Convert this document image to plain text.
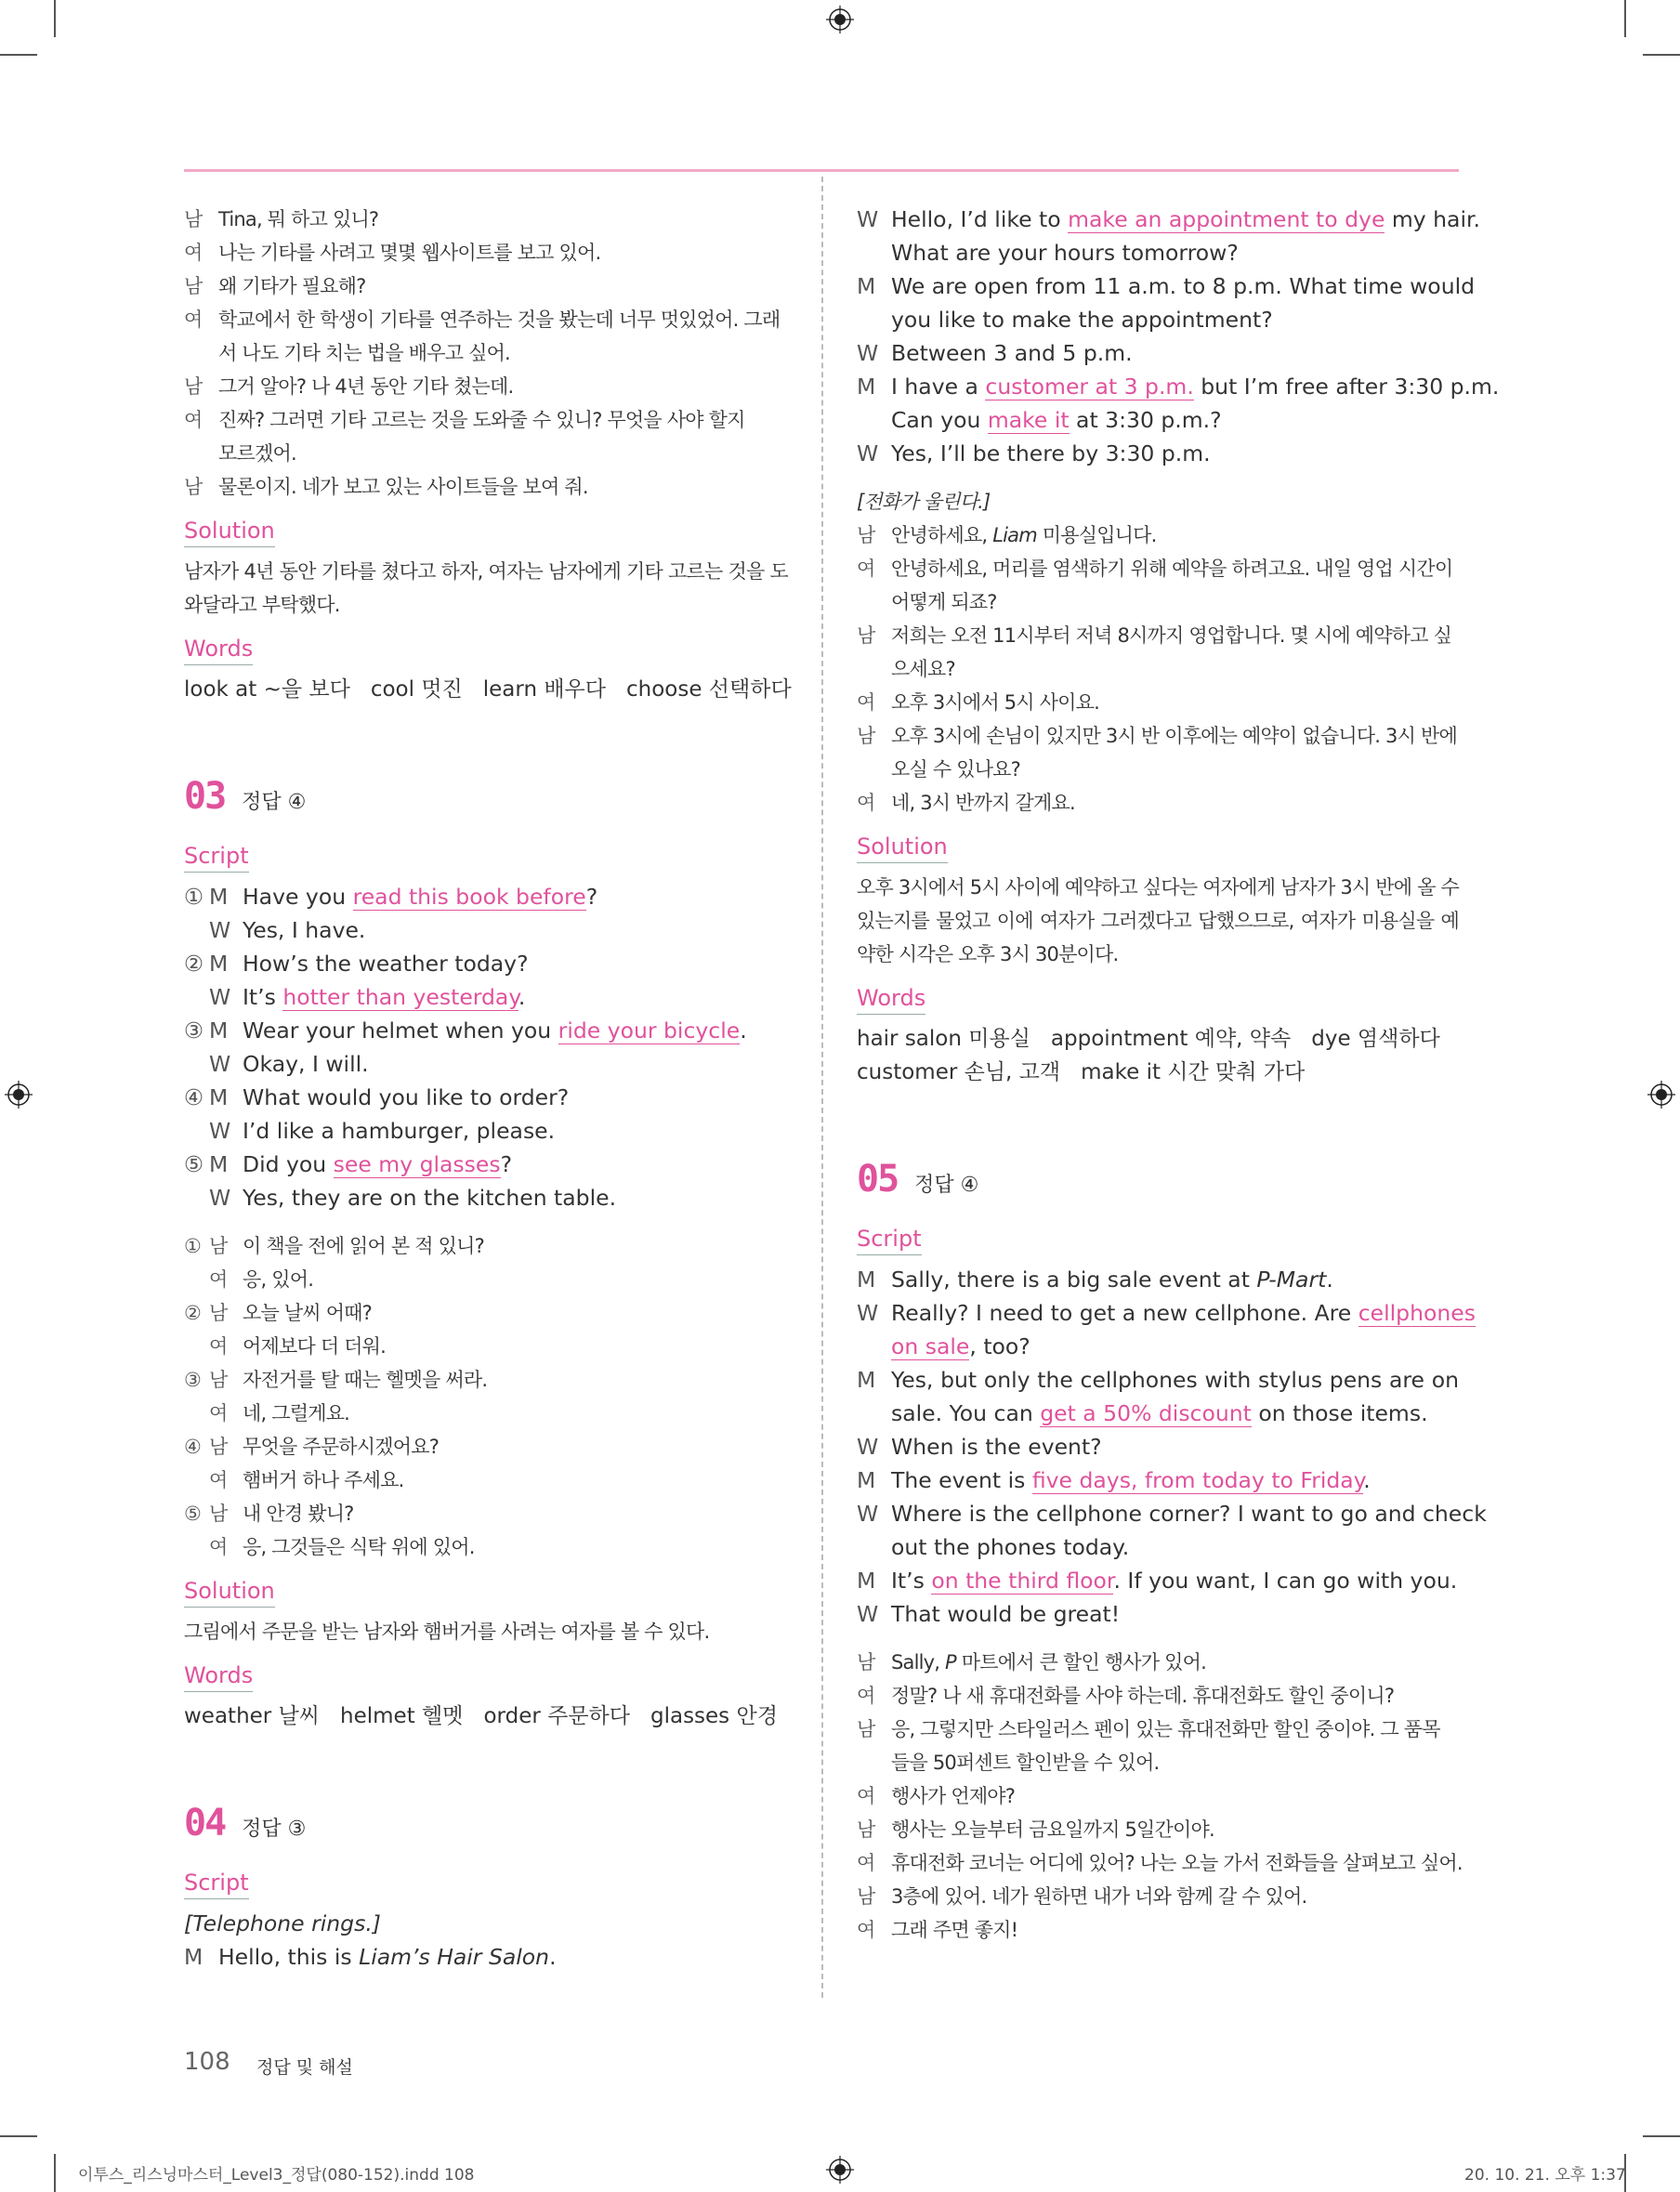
남 Tina, 뭐 하고 있니?
여 나는 기타를 사려고 몇몇 웹사이트를 보고 있어.
남 왜 기타가 필요해?
여 학교에서 한 학생이 기타를 연주하는 것을 봤는데 너무 멋있었어. 그래
서 나도 기타 치는 법을 배우고 싶어.
남 그거 알아? 나 4년 동안 기타 쳤는데.
여 진짜? 그러면 기타 고르는 것을 도와줄 수 있니? 무엇을 사야 할지
모르겠어.
남 물론이지. 네가 보고 있는 사이트들을 보여 줘.
Solution
남자가 4년 동안 기타를 쳤다고 하자, 여자는 남자에게 기타 고르는 것을 도와달라고 부탁했다.
Words
look at ~을 보다 cool 멋진 learn 배우다 choose 선택하다
03 정답 ④
Script
① M Have you read this book before?
W Yes, I have.
② M How’s the weather today?
W It’s hotter than yesterday.
③ M Wear your helmet when you ride your bicycle.
W Okay, I will.
④ M What would you like to order?
W I’d like a hamburger, please.
⑤ M Did you see my glasses?
W Yes, they are on the kitchen table.
① 남 이 책을 전에 읽어 본 적 있니?
여 응, 있어.
② 남 오늘 날씨 어때?
여 어제보다 더 더워.
③ 남 자전거를 탈 때는 헬멧을 써라.
여 네, 그럴게요.
④ 남 무엇을 주문하시겠어요?
여 햄버거 하나 주세요.
⑤ 남 내 안경 봤니?
여 응, 그것들은 식탁 위에 있어.
Solution
그림에서 주문을 받는 남자와 햄버거를 사려는 여자를 볼 수 있다.
Words
weather 날씨 helmet 헬멧 order 주문하다 glasses 안경
04 정답 ③
Script
[Telephone rings.]
M Hello, this is Liam’s Hair Salon.
W Hello, I’d like to make an appointment to dye my hair.
What are your hours tomorrow?
M We are open from 11 a.m. to 8 p.m. What time would
you like to make the appointment?
W Between 3 and 5 p.m.
M I have a customer at 3 p.m. but I’m free after 3:30 p.m.
Can you make it at 3:30 p.m.?
W Yes, I’ll be there by 3:30 p.m.
[전화가 울린다.]
남 안녕하세요, Liam 미용실입니다.
여 안녕하세요, 머리를 염색하기 위해 예약을 하려고요. 내일 영업 시간이
어떻게 되죠?
남 저희는 오전 11시부터 저녁 8시까지 영업합니다. 몇 시에 예약하고 싶
으세요?
여 오후 3시에서 5시 사이요.
남 오후 3시에 손님이 있지만 3시 반 이후에는 예약이 없습니다. 3시 반에
오실 수 있나요?
여 네, 3시 반까지 갈게요.
Solution
오후 3시에서 5시 사이에 예약하고 싶다는 여자에게 남자가 3시 반에 올 수 있는지를 물었고 이에 여자가 그러겠다고 답했으므로, 여자가 미용실을 예약한 시각은 오후 3시 30분이다.
Words
hair salon 미용실 appointment 예약, 약속 dye 염색하다
customer 손님, 고객 make it 시간 맞춰 가다
05 정답 ④
Script
M Sally, there is a big sale event at P-Mart.
W Really? I need to get a new cellphone. Are cellphones
on sale, too?
M Yes, but only the cellphones with stylus pens are on
sale. You can get a 50% discount on those items.
W When is the event?
M The event is five days, from today to Friday.
W Where is the cellphone corner? I want to go and check
out the phones today.
M It’s on the third floor. If you want, I can go with you.
W That would be great!
남 Sally, P 마트에서 큰 할인 행사가 있어.
여 정말? 나 새 휴대전화를 사야 하는데. 휴대전화도 할인 중이니?
남 응, 그렇지만 스타일러스 펜이 있는 휴대전화만 할인 중이야. 그 품목
들을 50퍼센트 할인받을 수 있어.
여 행사가 언제야?
남 행사는 오늘부터 금요일까지 5일간이야.
여 휴대전화 코너는 어디에 있어? 나는 오늘 가서 전화들을 살펴보고 싶어.
남 3층에 있어. 네가 원하면 내가 너와 함께 갈 수 있어.
여 그래 주면 좋지!
108 정답 및 해설
이투스_리스닝마스터_Level3_정답(080-152).indd 108	20. 10. 21. 오후 1:37
